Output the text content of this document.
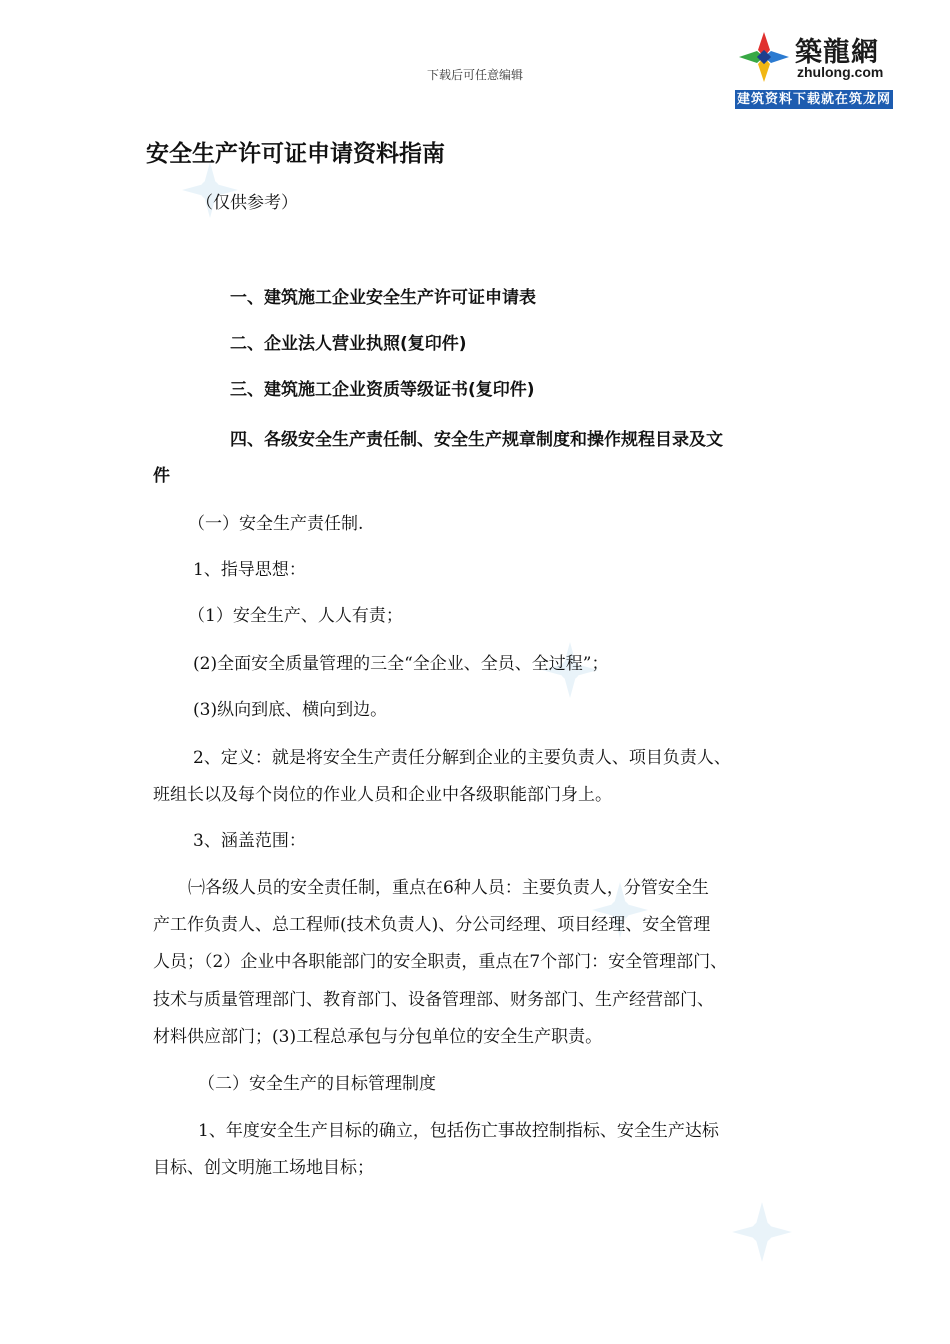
下载后可任意编辑
築龍網
zhulong.com
建筑资料下载就在筑龙网
安全生产许可证申请资料指南
（仅供参考）
一、建筑施工企业安全生产许可证申请表
二、企业法人营业执照(复印件)
三、建筑施工企业资质等级证书(复印件)
四、各级安全生产责任制、安全生产规章制度和操作规程目录及文
件
（一）安全生产责任制.
1、指导思想：
（1）安全生产、人人有责；
(2)全面安全质量管理的三全“全企业、全员、全过程”；
(3)纵向到底、横向到边。
2、定义：就是将安全生产责任分解到企业的主要负责人、项目负责人、
班组长以及每个岗位的作业人员和企业中各级职能部门身上。
3、涵盖范围：
㈠各级人员的安全责任制，重点在6种人员：主要负责人，分管安全生
产工作负责人、总工程师(技术负责人)、分公司经理、项目经理、安全管理
人员；（2）企业中各职能部门的安全职责，重点在7个部门：安全管理部门、
技术与质量管理部门、教育部门、设备管理部、财务部门、生产经营部门、
材料供应部门；(3)工程总承包与分包单位的安全生产职责。
（二）安全生产的目标管理制度
1、年度安全生产目标的确立，包括伤亡事故控制指标、安全生产达标
目标、创文明施工场地目标；
